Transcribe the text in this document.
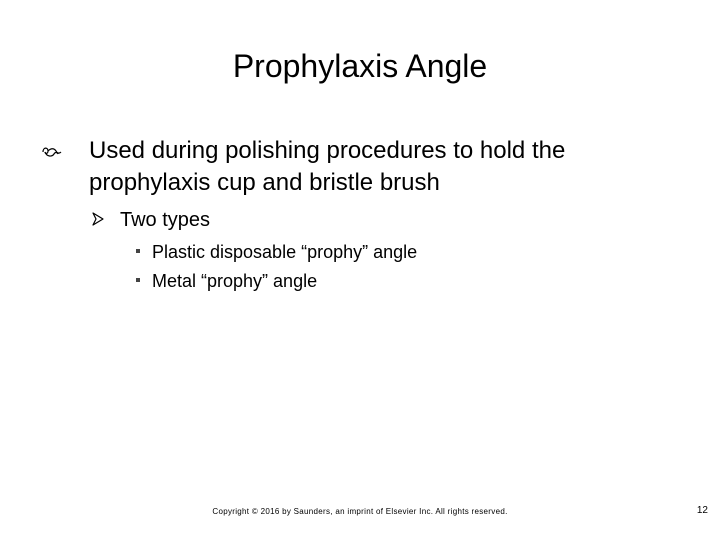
Prophylaxis Angle
Used during polishing procedures to hold the prophylaxis cup and bristle brush
Two types
Plastic disposable “prophy” angle
Metal “prophy” angle
Copyright © 2016 by Saunders, an imprint of Elsevier Inc. All rights reserved.	12
